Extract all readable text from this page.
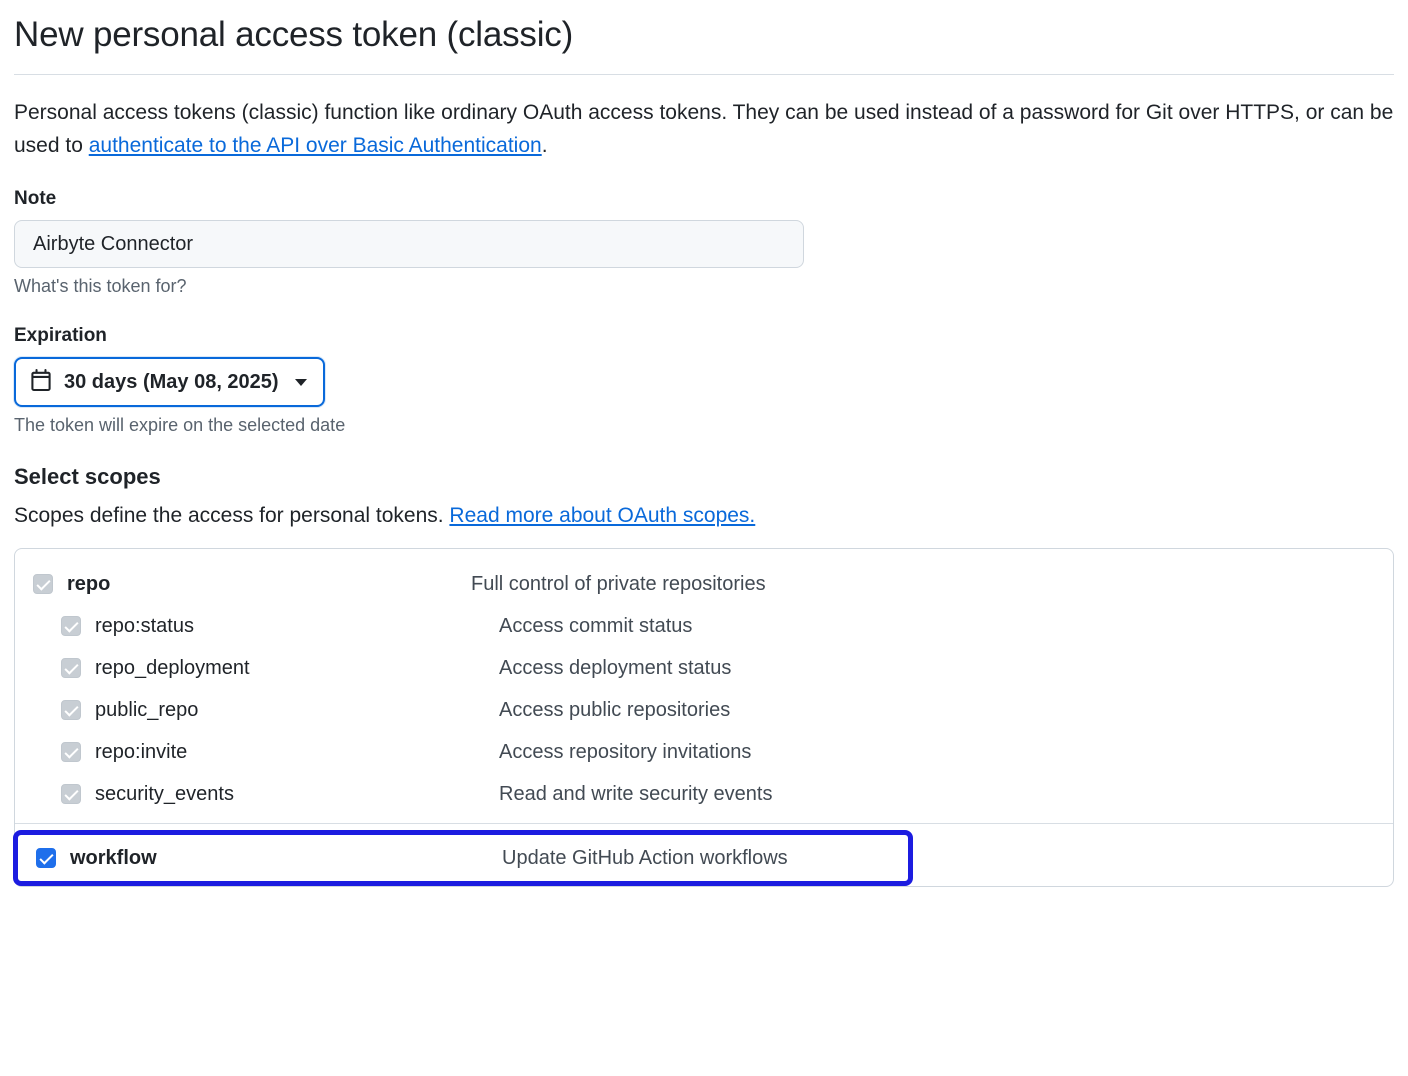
New personal access token (classic)

Personal access tokens (classic) function like ordinary OAuth access tokens. They can be used instead of a password for Git over HTTPS, or can be used to authenticate to the API over Basic Authentication.

Note
Airbyte Connector

What's this token for?

Expiration
30 days (May 08, 2025)

The token will expire on the selected date

Select scopes

Scopes define the access for personal tokens. Read more about OAuth scopes.

repo	Full control of private repositories
repo:status	Access commit status
repo_deployment	Access deployment status
public_repo	Access public repositories
repo:invite	Access repository invitations
security_events	Read and write security events
workflow	Update GitHub Action workflows
